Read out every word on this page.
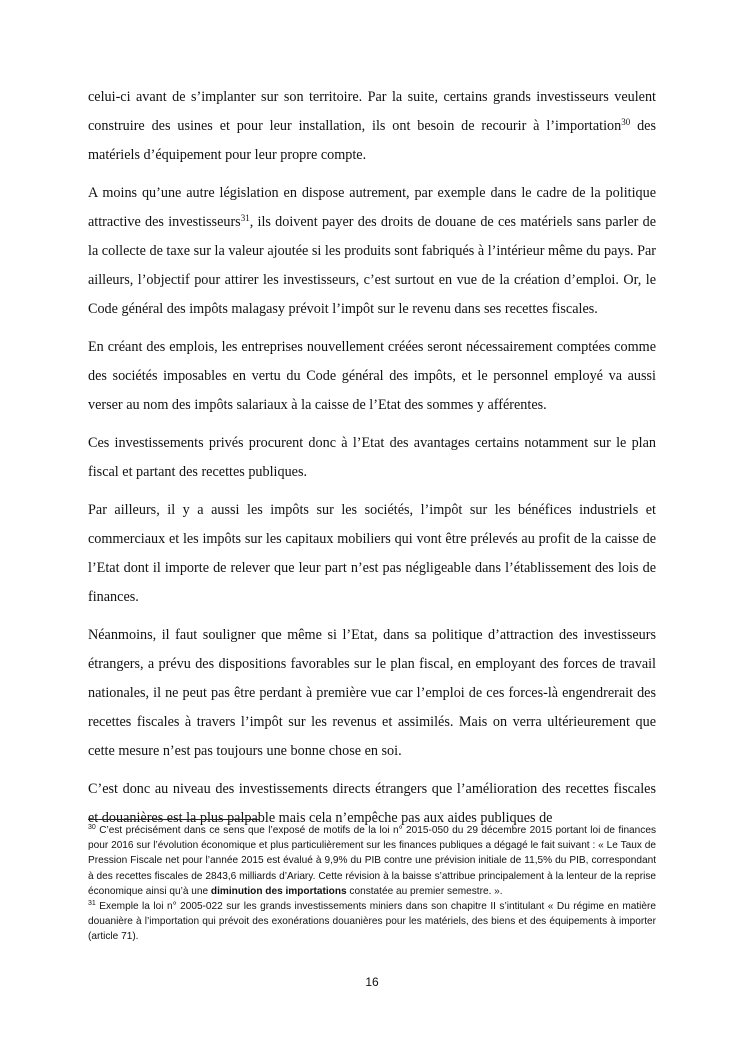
celui-ci avant de s’implanter sur son territoire. Par la suite, certains grands investisseurs veulent construire des usines et pour leur installation, ils ont besoin de recourir à l’importation$^{30}$ des matériels d’équipement pour leur propre compte.

A moins qu’une autre législation en dispose autrement, par exemple dans le cadre de la politique attractive des investisseurs$^{31}$, ils doivent payer des droits de douane de ces matériels sans parler de la collecte de taxe sur la valeur ajoutée si les produits sont fabriqués à l’intérieur même du pays. Par ailleurs, l’objectif pour attirer les investisseurs, c’est surtout en vue de la création d’emploi. Or, le Code général des impôts malagasy prévoit l’impôt sur le revenu dans ses recettes fiscales.

En créant des emplois, les entreprises nouvellement créées seront nécessairement comptées comme des sociétés imposables en vertu du Code général des impôts, et le personnel employé va aussi verser au nom des impôts salariaux à la caisse de l’Etat des sommes y afférentes.

Ces investissements privés procurent donc à l’Etat des avantages certains notamment sur le plan fiscal et partant des recettes publiques.

Par ailleurs, il y a aussi les impôts sur les sociétés, l’impôt sur les bénéfices industriels et commerciaux et les impôts sur les capitaux mobiliers qui vont être prélevés au profit de la caisse de l’Etat dont il importe de relever que leur part n’est pas négligeable dans l’établissement des lois de finances.

Néanmoins, il faut souligner que même si l’Etat, dans sa politique d’attraction des investisseurs étrangers, a prévu des dispositions favorables sur le plan fiscal, en employant des forces de travail nationales, il ne peut pas être perdant à première vue car l’emploi de ces forces-là engendrerait des recettes fiscales à travers l’impôt sur les revenus et assimilés. Mais on verra ultérieurement que cette mesure n’est pas toujours une bonne chose en soi.

C’est donc au niveau des investissements directs étrangers que l’amélioration des recettes fiscales et douanières est la plus palpable mais cela n’empêche pas aux aides publiques de

$^{30}$ C’est précisément dans ce sens que l’exposé de motifs de la loi n° 2015-050 du 29 décembre 2015 portant loi de finances pour 2016 sur l’évolution économique et plus particulièrement sur les finances publiques a dégagé le fait suivant : « Le Taux de Pression Fiscale net pour l’année 2015 est évalué à 9,9% du PIB contre une prévision initiale de 11,5% du PIB, correspondant à des recettes fiscales de 2843,6 milliards d’Ariary. Cette révision à la baisse s’attribue principalement à la lenteur de la reprise économique ainsi qu’à une diminution des importations constatée au premier semestre. ».

$^{31}$ Exemple la loi n° 2005-022 sur les grands investissements miniers dans son chapitre II s’intitulant « Du régime en matière douanière à l’importation qui prévoit des exonérations douanières pour les matériels, des biens et des équipements à importer (article 71).

16
